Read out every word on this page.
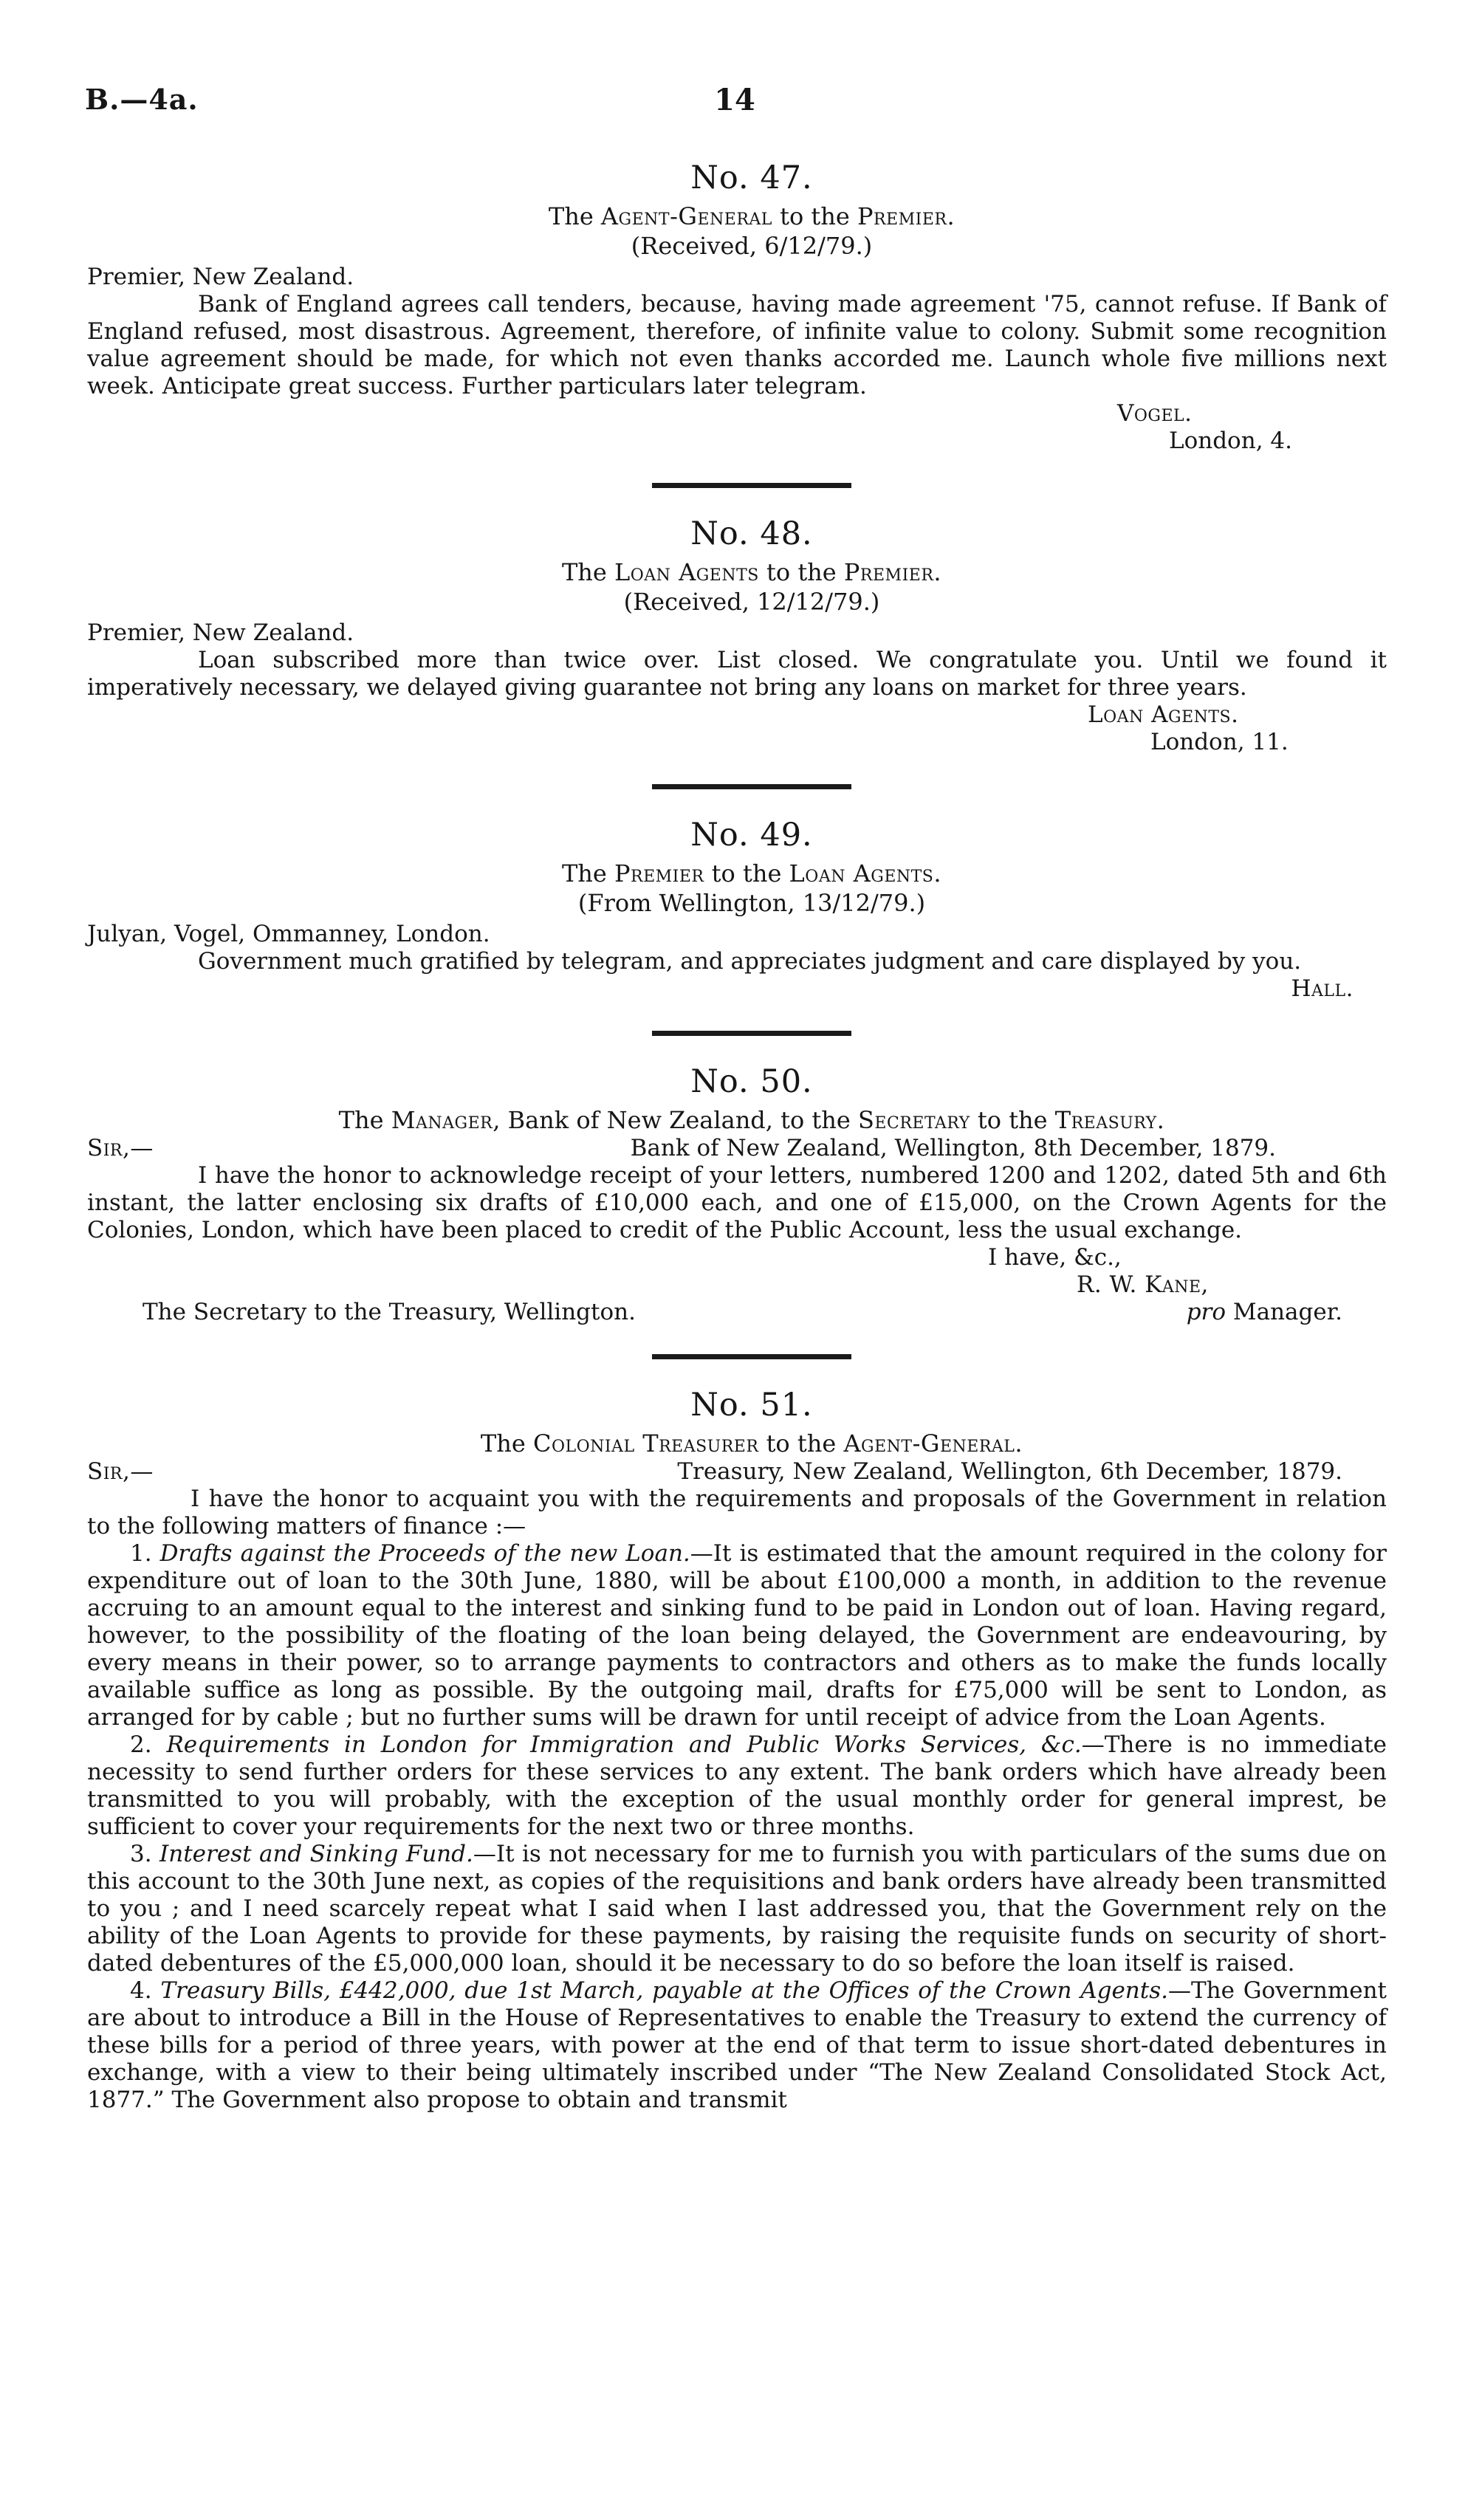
B.—4a.	14
No. 47.
The Agent-General to the Premier.
(Received, 6/12/79.)
Premier, New Zealand.
Bank of England agrees call tenders, because, having made agreement '75, cannot refuse. If Bank of England refused, most disastrous. Agreement, therefore, of infinite value to colony. Submit some recognition value agreement should be made, for which not even thanks accorded me. Launch whole five millions next week. Anticipate great success. Further particulars later telegram.
Vogel.
London, 4.
No. 48.
The Loan Agents to the Premier.
(Received, 12/12/79.)
Premier, New Zealand.
Loan subscribed more than twice over. List closed. We congratulate you. Until we found it imperatively necessary, we delayed giving guarantee not bring any loans on market for three years.
Loan Agents.
London, 11.
No. 49.
The Premier to the Loan Agents.
(From Wellington, 13/12/79.)
Julyan, Vogel, Ommanney, London.
Government much gratified by telegram, and appreciates judgment and care displayed by you.
Hall.
No. 50.
The Manager, Bank of New Zealand, to the Secretary to the Treasury.
Sir,—	Bank of New Zealand, Wellington, 8th December, 1879.
I have the honor to acknowledge receipt of your letters, numbered 1200 and 1202, dated 5th and 6th instant, the latter enclosing six drafts of £10,000 each, and one of £15,000, on the Crown Agents for the Colonies, London, which have been placed to credit of the Public Account, less the usual exchange.
I have, &c.,
R. W. Kane,
The Secretary to the Treasury, Wellington.	pro Manager.
No. 51.
The Colonial Treasurer to the Agent-General.
Sir,—	Treasury, New Zealand, Wellington, 6th December, 1879.
I have the honor to acquaint you with the requirements and proposals of the Government in relation to the following matters of finance :—
1. Drafts against the Proceeds of the new Loan.—It is estimated that the amount required in the colony for expenditure out of loan to the 30th June, 1880, will be about £100,000 a month, in addition to the revenue accruing to an amount equal to the interest and sinking fund to be paid in London out of loan. Having regard, however, to the possibility of the floating of the loan being delayed, the Government are endeavouring, by every means in their power, so to arrange payments to contractors and others as to make the funds locally available suffice as long as possible. By the outgoing mail, drafts for £75,000 will be sent to London, as arranged for by cable ; but no further sums will be drawn for until receipt of advice from the Loan Agents.
2. Requirements in London for Immigration and Public Works Services, &c.—There is no immediate necessity to send further orders for these services to any extent. The bank orders which have already been transmitted to you will probably, with the exception of the usual monthly order for general imprest, be sufficient to cover your requirements for the next two or three months.
3. Interest and Sinking Fund.—It is not necessary for me to furnish you with particulars of the sums due on this account to the 30th June next, as copies of the requisitions and bank orders have already been transmitted to you ; and I need scarcely repeat what I said when I last addressed you, that the Government rely on the ability of the Loan Agents to provide for these payments, by raising the requisite funds on security of short-dated debentures of the £5,000,000 loan, should it be necessary to do so before the loan itself is raised.
4. Treasury Bills, £442,000, due 1st March, payable at the Offices of the Crown Agents.—The Government are about to introduce a Bill in the House of Representatives to enable the Treasury to extend the currency of these bills for a period of three years, with power at the end of that term to issue short-dated debentures in exchange, with a view to their being ultimately inscribed under “The New Zealand Consolidated Stock Act, 1877.” The Government also propose to obtain and transmit
